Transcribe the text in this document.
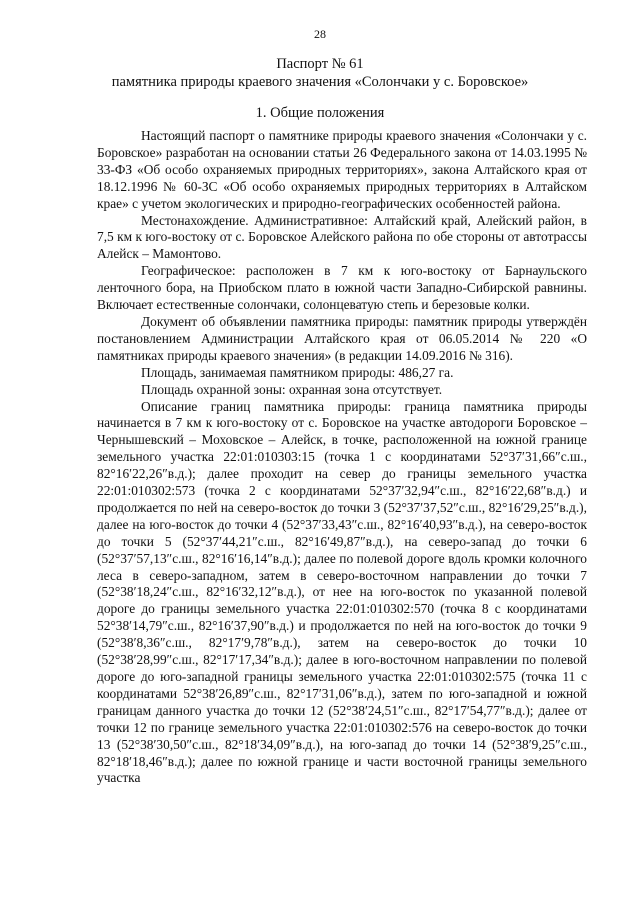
28
Паспорт № 61
памятника природы краевого значения «Солончаки у с. Боровское»
1. Общие положения

Настоящий паспорт о памятнике природы краевого значения «Солончаки у с. Боровское» разработан на основании статьи 26 Федерального закона от 14.03.1995 № 33-ФЗ «Об особо охраняемых природных территориях», закона Алтайского края от 18.12.1996 № 60-ЗС «Об особо охраняемых природных территориях в Алтайском крае» с учетом экологических и природно-географических особенностей района.

Местонахождение. Административное: Алтайский край, Алейский район, в 7,5 км к юго-востоку от с. Боровское Алейского района по обе стороны от автотрассы Алейск – Мамонтово.

Географическое: расположен в 7 км к юго-востоку от Барнаульского ленточного бора, на Приобском плато в южной части Западно-Сибирской равнины. Включает естественные солончаки, солонцеватую степь и березовые колки.

Документ об объявлении памятника природы: памятник природы утверждён постановлением Администрации Алтайского края от 06.05.2014 № 220 «О памятниках природы краевого значения» (в редакции 14.09.2016 № 316).

Площадь, занимаемая памятником природы: 486,27 га.

Площадь охранной зоны: охранная зона отсутствует.

Описание границ памятника природы: граница памятника природы начинается в 7 км к юго-востоку от с. Боровское на участке автодороги Боровское – Чернышевский – Моховское – Алейск, в точке, расположенной на южной границе земельного участка 22:01:010303:15 (точка 1 с координатами 52°37′31,66″с.ш., 82°16′22,26″в.д.); далее проходит на север до границы земельного участка 22:01:010302:573 (точка 2 с координатами 52°37′32,94″с.ш., 82°16′22,68″в.д.) и продолжается по ней на северо-восток до точки 3 (52°37′37,52″с.ш., 82°16′29,25″в.д.), далее на юго-восток до точки 4 (52°37′33,43″с.ш., 82°16′40,93″в.д.), на северо-восток до точки 5 (52°37′44,21″с.ш., 82°16′49,87″в.д.), на северо-запад до точки 6 (52°37′57,13″с.ш., 82°16′16,14″в.д.); далее по полевой дороге вдоль кромки колочного леса в северо-западном, затем в северо-восточном направлении до точки 7 (52°38′18,24″с.ш., 82°16′32,12″в.д.), от нее на юго-восток по указанной полевой дороге до границы земельного участка 22:01:010302:570 (точка 8 с координатами 52°38′14,79″с.ш., 82°16′37,90″в.д.) и продолжается по ней на юго-восток до точки 9 (52°38′8,36″с.ш., 82°17′9,78″в.д.), затем на северо-восток до точки 10 (52°38′28,99″с.ш., 82°17′17,34″в.д.); далее в юго-восточном направлении по полевой дороге до юго-западной границы земельного участка 22:01:010302:575 (точка 11 с координатами 52°38′26,89″с.ш., 82°17′31,06″в.д.), затем по юго-западной и южной границам данного участка до точки 12 (52°38′24,51″с.ш., 82°17′54,77″в.д.); далее от точки 12 по границе земельного участка 22:01:010302:576 на северо-восток до точки 13 (52°38′30,50″с.ш., 82°18′34,09″в.д.), на юго-запад до точки 14 (52°38′9,25″с.ш., 82°18′18,46″в.д.); далее по южной границе и части восточной границы земельного участка
